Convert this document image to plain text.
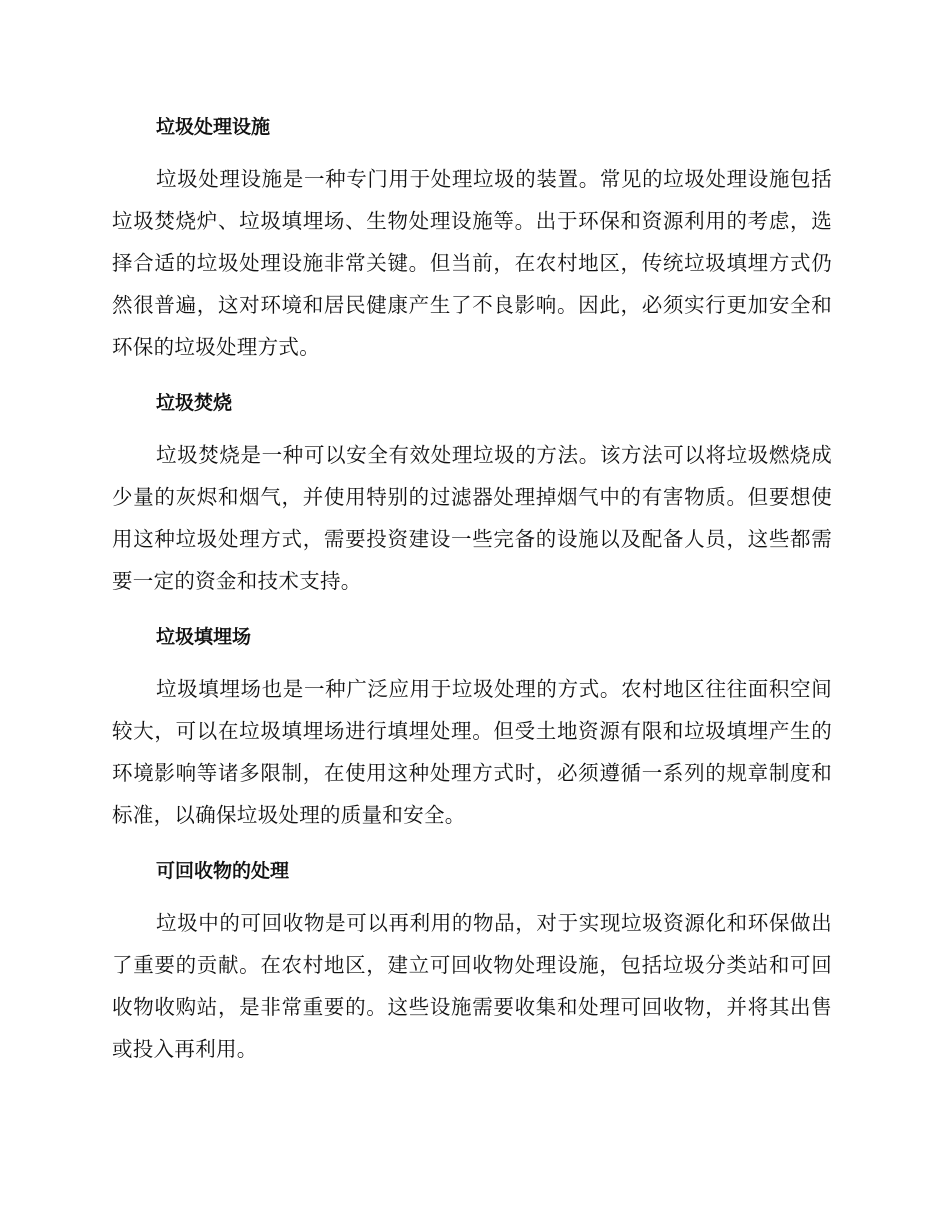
垃圾处理设施

垃圾处理设施是一种专门用于处理垃圾的装置。常见的垃圾处理设施包括垃圾焚烧炉、垃圾填埋场、生物处理设施等。出于环保和资源利用的考虑，选择合适的垃圾处理设施非常关键。但当前，在农村地区，传统垃圾填埋方式仍然很普遍，这对环境和居民健康产生了不良影响。因此，必须实行更加安全和环保的垃圾处理方式。

垃圾焚烧

垃圾焚烧是一种可以安全有效处理垃圾的方法。该方法可以将垃圾燃烧成少量的灰烬和烟气，并使用特别的过滤器处理掉烟气中的有害物质。但要想使用这种垃圾处理方式，需要投资建设一些完备的设施以及配备人员，这些都需要一定的资金和技术支持。

垃圾填埋场

垃圾填埋场也是一种广泛应用于垃圾处理的方式。农村地区往往面积空间较大，可以在垃圾填埋场进行填埋处理。但受土地资源有限和垃圾填埋产生的环境影响等诸多限制，在使用这种处理方式时，必须遵循一系列的规章制度和标准，以确保垃圾处理的质量和安全。

可回收物的处理

垃圾中的可回收物是可以再利用的物品，对于实现垃圾资源化和环保做出了重要的贡献。在农村地区，建立可回收物处理设施，包括垃圾分类站和可回收物收购站，是非常重要的。这些设施需要收集和处理可回收物，并将其出售或投入再利用。
